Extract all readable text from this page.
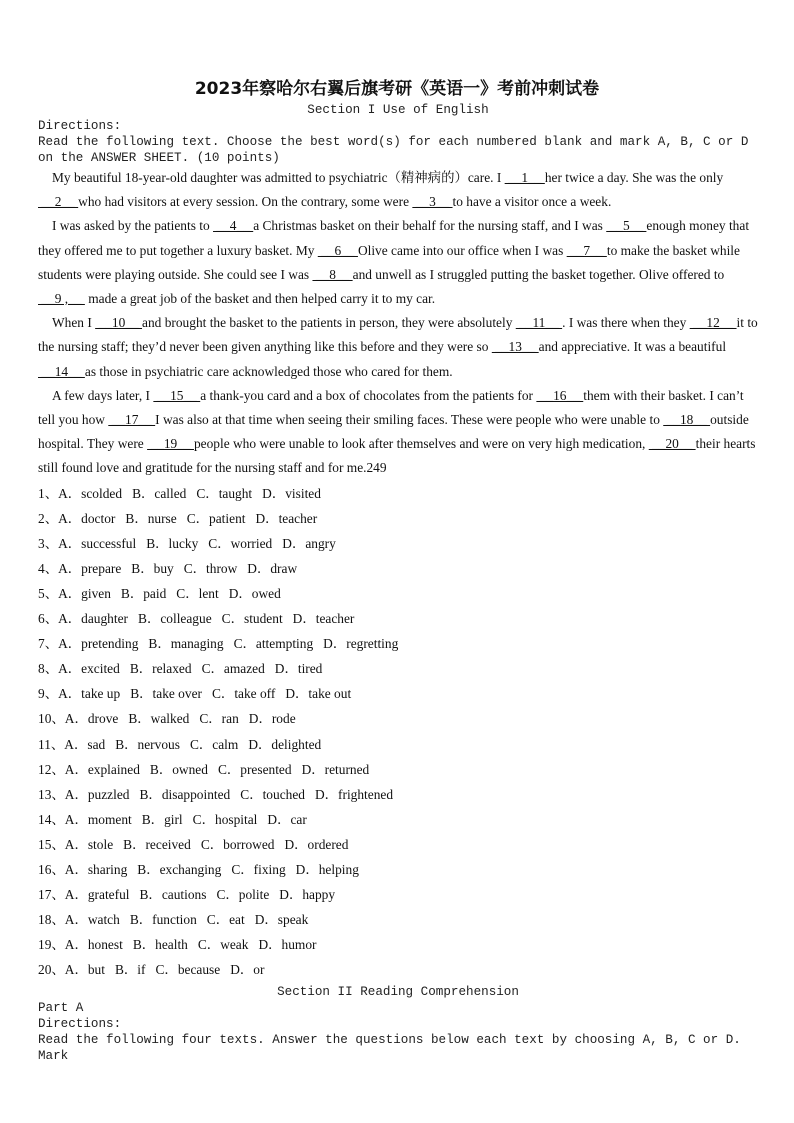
2023年察哈尔右翼后旗考研《英语一》考前冲刺试卷
Section I Use of English
Directions:
Read the following text. Choose the best word(s) for each numbered blank and mark A, B, C or D on the ANSWER SHEET. (10 points)

My beautiful 18-year-old daughter was admitted to psychiatric（精神病的）care. I  __1__ her twice a day. She was the only  __2__ who had visitors at every session. On the contrary, some were  __3__ to have a visitor once a week.

I was asked by the patients to  __4__ a Christmas basket on their behalf for the nursing staff, and I was  __5__ enough money that they offered me to put together a luxury basket. My  __6__ Olive came into our office when I was  __7__ to make the basket while students were playing outside. She could see I was  __8__ and unwell as I struggled putting the basket together. Olive offered to  __9 ,__  made a great job of the basket and then helped carry it to my car.

When I  __10__ and brought the basket to the patients in person, they were absolutely  __11__ . I was there when they  __12__ it to the nursing staff; they’d never been given anything like this before and they were so  __13__ and appreciative. It was a beautiful  __14__ as those in psychiatric care acknowledged those who cared for them.

A few days later, I  __15__ a thank-you card and a box of chocolates from the patients for  __16__ them with their basket. I can’t tell you how  __17__ I was also at that time when seeing their smiling faces. These were people who were unable to  __18__ outside hospital. They were  __19__ people who were unable to look after themselves and were on very high medication,  __20__ their hearts still found love and gratitude for the nursing staff and for me.249

1、A．scolded B．called C．taught D．visited
2、A．doctor B．nurse C．patient D．teacher
3、A．successful B．lucky C．worried D．angry
4、A．prepare B．buy C．throw D．draw
5、A．given B．paid C．lent D．owed
6、A．daughter B．colleague C．student D．teacher
7、A．pretending B．managing C．attempting D．regretting
8、A．excited B．relaxed C．amazed D．tired
9、A．take up B．take over C．take off D．take out
10、A．drove B．walked C．ran D．rode
11、A．sad B．nervous C．calm D．delighted
12、A．explained B．owned C．presented D．returned
13、A．puzzled B．disappointed C．touched D．frightened
14、A．moment B．girl C．hospital D．car
15、A．stole B．received C．borrowed D．ordered
16、A．sharing B．exchanging C．fixing D．helping
17、A．grateful B．cautions C．polite D．happy
18、A．watch B．function C．eat D．speak
19、A．honest B．health C．weak D．humor
20、A．but B．if C．because D．or
Section II Reading Comprehension
Part A
Directions:
Read the following four texts. Answer the questions below each text by choosing A, B, C or D. Mark
